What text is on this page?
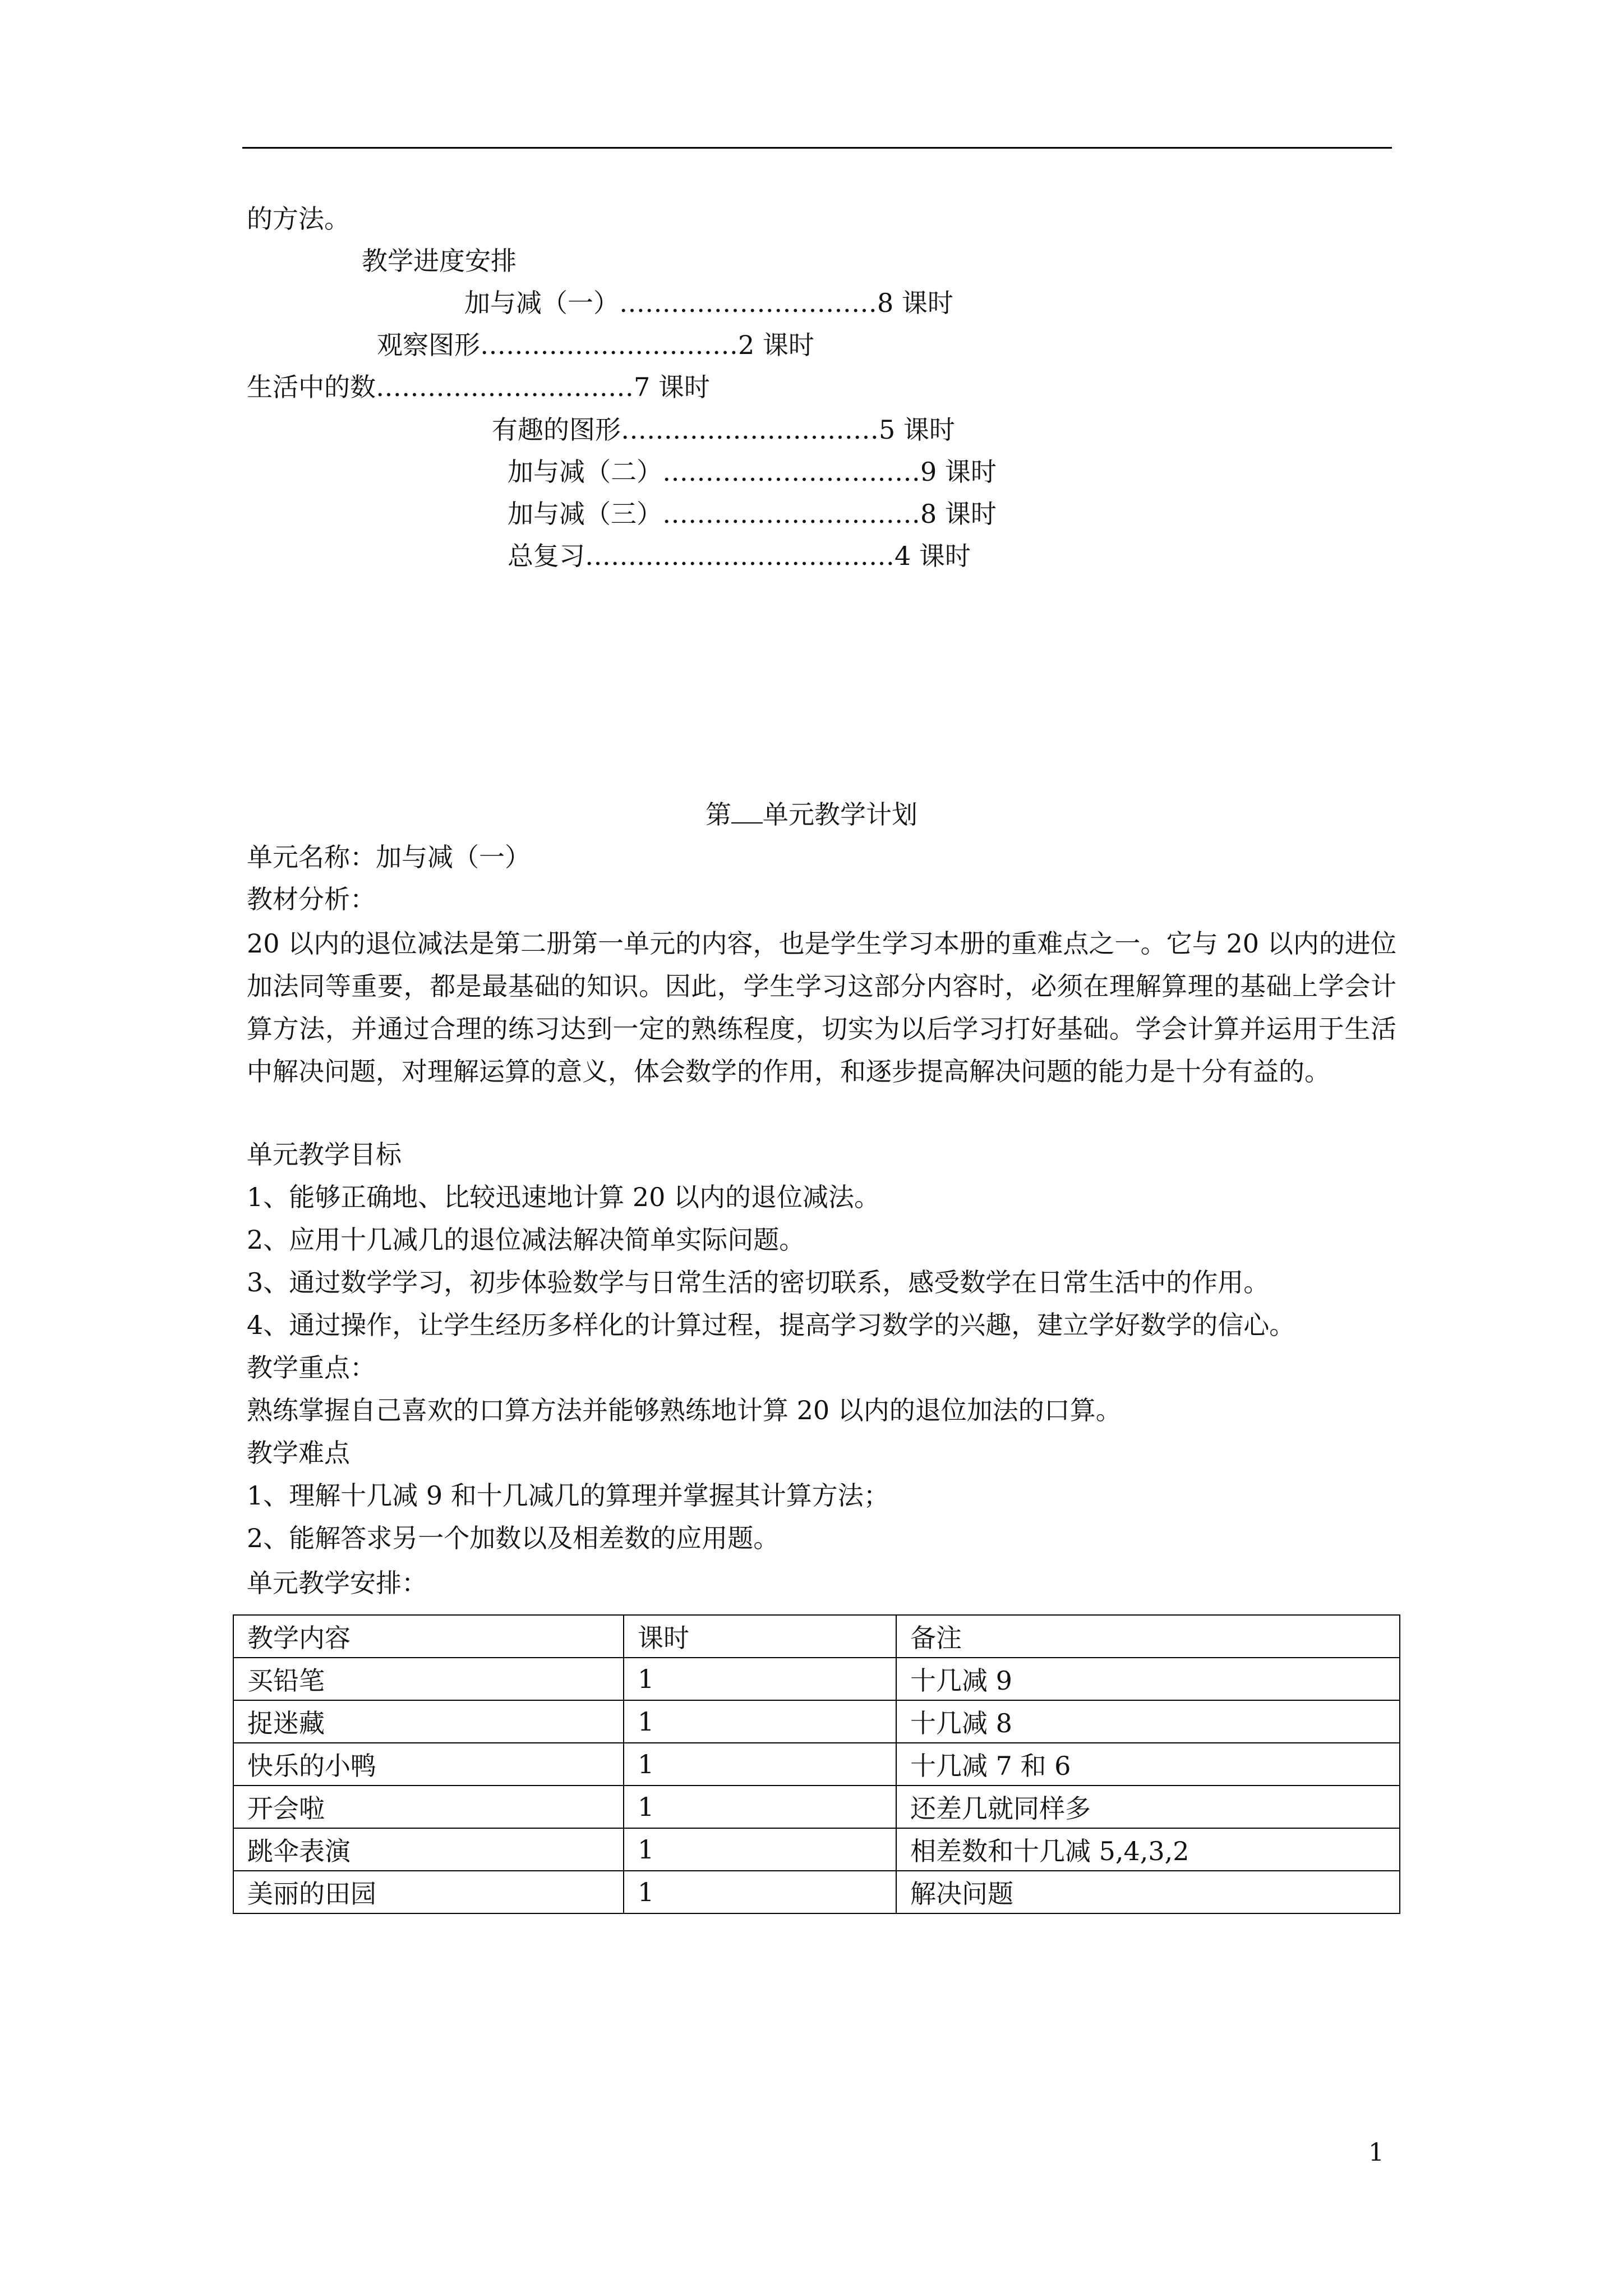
的方法。
教学进度安排
加与减（一）…………………………8 课时
观察图形…………………………2 课时
生活中的数…………………………7 课时
有趣的图形…………………………5 课时
加与减（二）…………………………9 课时
加与减（三）…………………………8 课时
总复习………………………………4 课时
第 单元教学计划
单元名称：加与减（一）
教材分析：
20 以内的退位减法是第二册第一单元的内容，也是学生学习本册的重难点之一。它与 20 以内的进位加法同等重要，都是最基础的知识。因此，学生学习这部分内容时，必须在理解算理的基础上学会计算方法，并通过合理的练习达到一定的熟练程度，切实为以后学习打好基础。学会计算并运用于生活中解决问题，对理解运算的意义，体会数学的作用，和逐步提高解决问题的能力是十分有益的。
单元教学目标
1、能够正确地、比较迅速地计算 20 以内的退位减法。
2、应用十几减几的退位减法解决简单实际问题。
3、通过数学学习，初步体验数学与日常生活的密切联系，感受数学在日常生活中的作用。
4、通过操作，让学生经历多样化的计算过程，提高学习数学的兴趣，建立学好数学的信心。
教学重点：
熟练掌握自己喜欢的口算方法并能够熟练地计算 20 以内的退位加法的口算。
教学难点
1、理解十几减 9 和十几减几的算理并掌握其计算方法；
2、能解答求另一个加数以及相差数的应用题。
单元教学安排：
教学内容	课时	备注
买铅笔	1	十几减 9
捉迷藏	1	十几减 8
快乐的小鸭	1	十几减 7 和 6
开会啦	1	还差几就同样多
跳伞表演	1	相差数和十几减 5,4,3,2
美丽的田园	1	解决问题
1
